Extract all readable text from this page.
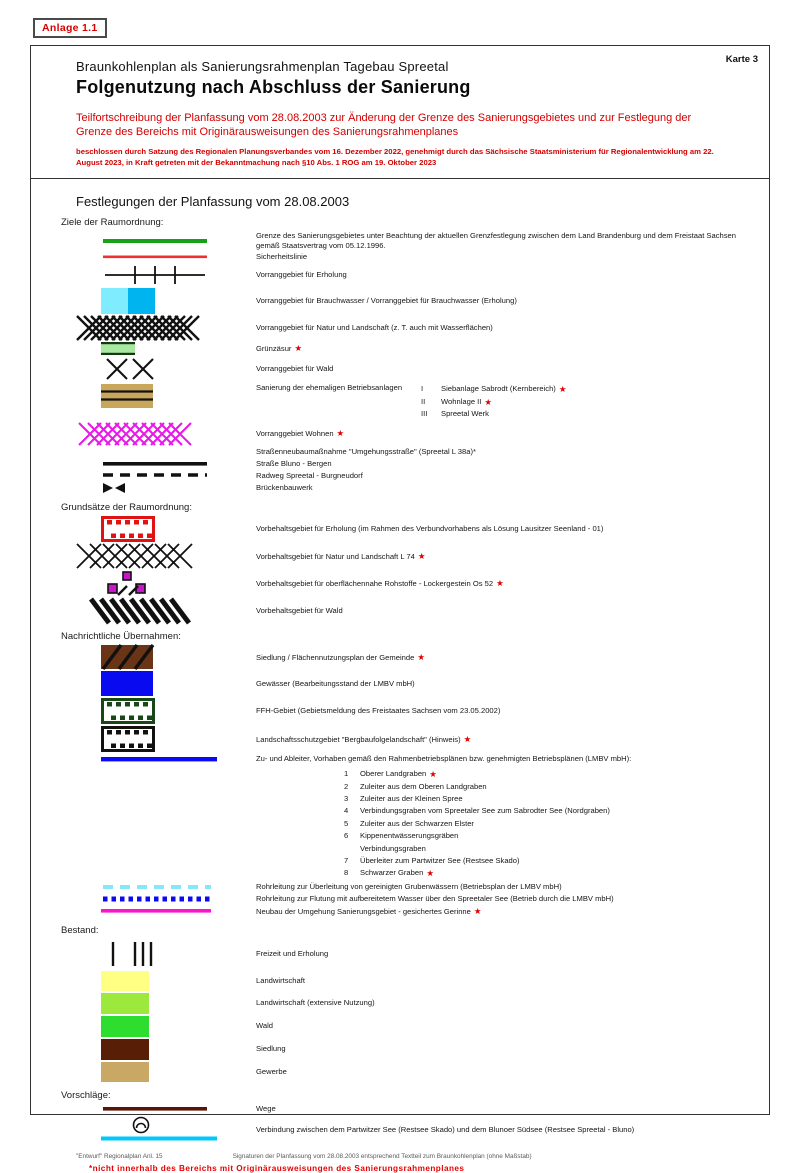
Anlage 1.1
Karte 3
Braunkohlenplan als Sanierungsrahmenplan Tagebau Spreetal
Folgenutzung nach Abschluss der Sanierung
Teilfortschreibung der Planfassung vom 28.08.2003 zur Änderung der Grenze des Sanierungsgebietes und zur Festlegung der Grenze des Bereichs mit Originärausweisungen des Sanierungsrahmenplanes
beschlossen durch Satzung des Regionalen Planungsverbandes vom 16. Dezember 2022, genehmigt durch das Sächsische Staatsministerium für Regionalentwicklung am 22. August 2023, in Kraft getreten mit der Bekanntmachung nach §10 Abs. 1 ROG am 19. Oktober 2023
Festlegungen der Planfassung vom 28.08.2003
Ziele der Raumordnung:
Grenze des Sanierungsgebietes unter Beachtung der aktuellen Grenzfestlegung zwischen dem Land Brandenburg und dem Freistaat Sachsen gemäß Staatsvertrag vom 05.12.1996.
Sicherheitslinie
Vorranggebiet für Erholung
Vorranggebiet für Brauchwasser / Vorranggebiet für Brauchwasser (Erholung)
Vorranggebiet für Natur und Landschaft (z. T. auch mit Wasserflächen)
Grünzäsur ★
Vorranggebiet für Wald
Sanierung der ehemaligen Betriebsanlagen	I	Siebanlage Sabrodt (Kernbereich) ★
II	Wohnlage II ★
III	Spreetal Werk
Vorranggebiet Wohnen ★
Straßenneubaumaßnahme "Umgehungsstraße" (Spreetal L 38a)*
Straße Bluno - Bergen
Radweg Spreetal - Burgneudorf
Brückenbauwerk
Grundsätze der Raumordnung:
Vorbehaltsgebiet für Erholung (im Rahmen des Verbundvorhabens als Lösung Lausitzer Seenland - 01)
Vorbehaltsgebiet für Natur und Landschaft L 74 ★
Vorbehaltsgebiet für oberflächennahe Rohstoffe - Lockergestein Os 52 ★
Vorbehaltsgebiet für Wald
Nachrichtliche Übernahmen:
Siedlung / Flächennutzungsplan der Gemeinde ★
Gewässer (Bearbeitungsstand der LMBV mbH)
FFH-Gebiet (Gebietsmeldung des Freistaates Sachsen vom 23.05.2002)
Landschaftsschutzgebiet "Bergbaufolgelandschaft" (Hinweis) ★
Zu- und Ableiter, Vorhaben gemäß den Rahmenbetriebsplänen bzw. genehmigten Betriebsplänen (LMBV mbH):
1	Oberer Landgraben ★
2	Zuleiter aus dem Oberen Landgraben
3	Zuleiter aus der Kleinen Spree
4	Verbindungsgraben vom Spreetaler See zum Sabrodter See (Nordgraben)
5	Zuleiter aus der Schwarzen Elster
6	Kippenentwässerungsgräben
Verbindungsgraben
7	Überleiter zum Partwitzer See (Restsee Skado)
8	Schwarzer Graben ★
Rohrleitung zur Überleitung von gereinigten Grubenwässern (Betriebsplan der LMBV mbH)
Rohrleitung zur Flutung mit aufbereitetem Wasser über den Spreetaler See (Betrieb durch die LMBV mbH)
Neubau der Umgehung Sanierungsgebiet - gesichertes Gerinne ★
Bestand:
Freizeit und Erholung
Landwirtschaft
Landwirtschaft (extensive Nutzung)
Wald
Siedlung
Gewerbe
Vorschläge:
Wege
Verbindung zwischen dem Partwitzer See (Restsee Skado) und dem Blunoer Südsee (Restsee Spreetal - Bluno)
"Entwurf" Regionalplan Anl. 15	Signaturen der Planfassung vom 28.08.2003 entsprechend Textteil zum Braunkohlenplan (ohne Maßstab)
*nicht innerhalb des Bereichs mit Originärausweisungen des Sanierungsrahmenplanes
